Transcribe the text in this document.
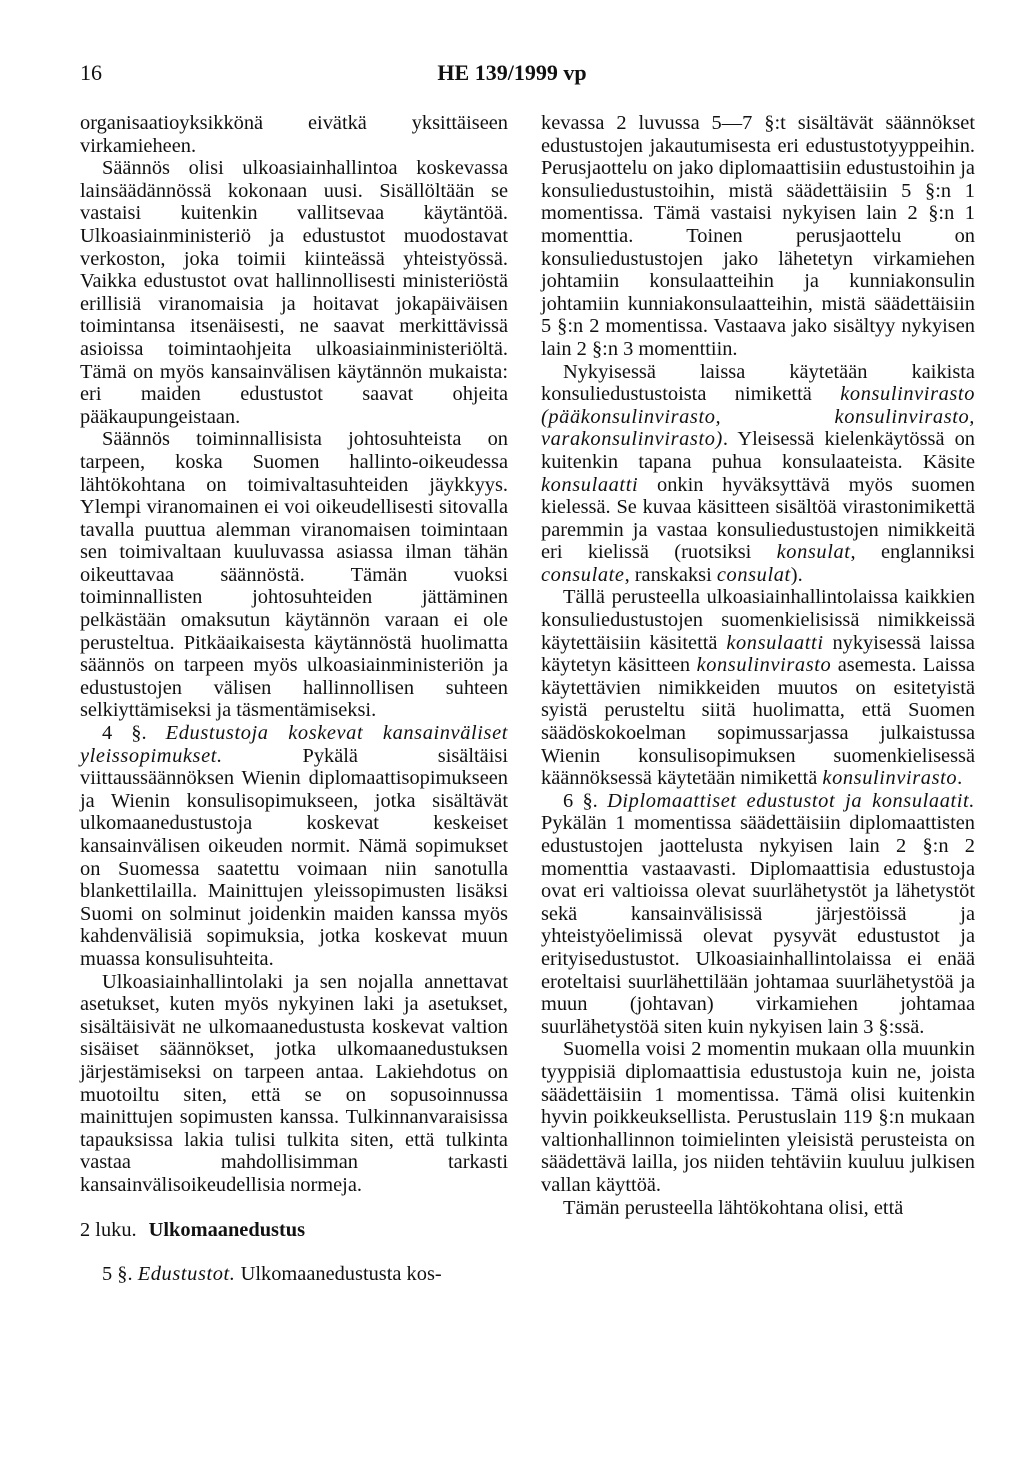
16	HE 139/1999 vp

organisaatioyksikkönä eivätkä yksittäiseen virkamieheen.

Säännös olisi ulkoasiainhallintoa koskevassa lainsäädännössä kokonaan uusi. Sisällöltään se vastaisi kuitenkin vallitsevaa käytäntöä. Ulkoasiainministeriö ja edustustot muodostavat verkoston, joka toimii kiinteässä yhteistyössä. Vaikka edustustot ovat hallinnollisesti ministeriöstä erillisiä viranomaisia ja hoitavat jokapäiväisen toimintansa itsenäisesti, ne saavat merkittävissä asioissa toimintaohjeita ulkoasiainministeriöltä. Tämä on myös kansainvälisen käytännön mukaista: eri maiden edustustot saavat ohjeita pääkaupungeistaan.

Säännös toiminnallisista johtosuhteista on tarpeen, koska Suomen hallinto-oikeudessa lähtökohtana on toimivaltasuhteiden jäykkyys. Ylempi viranomainen ei voi oikeudellisesti sitovalla tavalla puuttua alemman viranomaisen toimintaan sen toimivaltaan kuuluvassa asiassa ilman tähän oikeuttavaa säännöstä. Tämän vuoksi toiminnallisten johtosuhteiden jättäminen pelkästään omaksutun käytännön varaan ei ole perusteltua. Pitkäaikaisesta käytännöstä huolimatta säännös on tarpeen myös ulkoasiainministeriön ja edustustojen välisen hallinnollisen suhteen selkiyttämiseksi ja täsmentämiseksi.

4 §. Edustustoja koskevat kansainväliset yleissopimukset.	Pykälä sisältäisi viittaussäännöksen Wienin diplomaattisopimukseen ja Wienin konsulisopimukseen, jotka sisältävät ulkomaanedustustoja koskevat keskeiset kansainvälisen oikeuden normit. Nämä sopimukset on Suomessa saatettu voimaan niin sanotulla blankettilailla. Mainittujen yleissopimusten lisäksi Suomi on solminut joidenkin maiden kanssa myös kahdenvälisiä sopimuksia, jotka koskevat muun muassa konsulisuhteita.

Ulkoasiainhallintolaki ja sen nojalla annettavat asetukset, kuten myös nykyinen laki ja asetukset, sisältäisivät ne ulkomaanedustusta koskevat valtion sisäiset säännökset, jotka ulkomaanedustuksen järjestämiseksi on tarpeen antaa. Lakiehdotus on muotoiltu siten, että se on sopusoinnussa mainittujen sopimusten kanssa. Tulkinnanvaraisissa tapauksissa lakia tulisi tulkita siten, että tulkinta vastaa mahdollisimman tarkasti kansainvälisoikeudellisia normeja.

2 luku. Ulkomaanedustus

5 §. Edustustot. Ulkomaanedustusta kos-

kevassa 2 luvussa 5—7 §:t sisältävät säännökset edustustojen jakautumisesta eri edustustotyyppeihin. Perusjaottelu on jako diplomaattisiin edustustoihin ja konsuliedustustoihin, mistä säädettäisiin 5 §:n 1 momentissa. Tämä vastaisi nykyisen lain 2 §:n 1 momenttia. Toinen perusjaottelu on konsuliedustustojen jako lähetetyn virkamiehen johtamiin konsulaatteihin ja kunniakonsulin johtamiin kunniakonsulaatteihin, mistä säädettäisiin 5 §:n 2 momentissa. Vastaava jako sisältyy nykyisen lain 2 §:n 3 momenttiin.

Nykyisessä laissa käytetään kaikista konsuliedustustoista nimikettä konsulinvirasto (pääkonsulinvirasto, konsulinvirasto, varakonsulinvirasto). Yleisessä kielenkäytössä on kuitenkin tapana puhua konsulaateista. Käsite konsulaatti onkin hyväksyttävä myös suomen kielessä. Se kuvaa käsitteen sisältöä virastonimikettä paremmin ja vastaa konsuliedustustojen nimikkeitä eri kielissä (ruotsiksi konsulat, englanniksi consulate, ranskaksi consulat).

Tällä perusteella ulkoasiainhallintolaissa kaikkien konsuliedustustojen suomenkielisissä nimikkeissä käytettäisiin käsitettä konsulaatti nykyisessä laissa käytetyn käsitteen konsulinvirasto asemesta. Laissa käytettävien nimikkeiden muutos on esitetyistä syistä perusteltu siitä huolimatta, että Suomen säädöskokoelman sopimussarjassa julkaistussa Wienin konsulisopimuksen suomenkielisessä käännöksessä käytetään nimikettä konsulinvirasto.

6 §. Diplomaattiset edustustot ja konsulaatit. Pykälän 1 momentissa säädettäisiin diplomaattisten edustustojen jaottelusta nykyisen lain 2 §:n 2 momenttia vastaavasti. Diplomaattisia edustustoja ovat eri valtioissa olevat suurlähetystöt ja lähetystöt sekä kansainvälisissä järjestöissä ja yhteistyöelimissä olevat pysyvät edustustot ja erityisedustustot. Ulkoasiainhallintolaissa ei enää eroteltaisi suurlähettilään johtamaa suurlähetystöä ja muun (johtavan) virkamiehen johtamaa suurlähetystöä siten kuin nykyisen lain 3 §:ssä.

Suomella voisi 2 momentin mukaan olla muunkin tyyppisiä diplomaattisia edustustoja kuin ne, joista säädettäisiin 1 momentissa. Tämä olisi kuitenkin hyvin poikkeuksellista. Perustuslain 119 §:n mukaan valtionhallinnon toimielinten yleisistä perusteista on säädettävä lailla, jos niiden tehtäviin kuuluu julkisen vallan käyttöä.

Tämän perusteella lähtökohtana olisi, että
